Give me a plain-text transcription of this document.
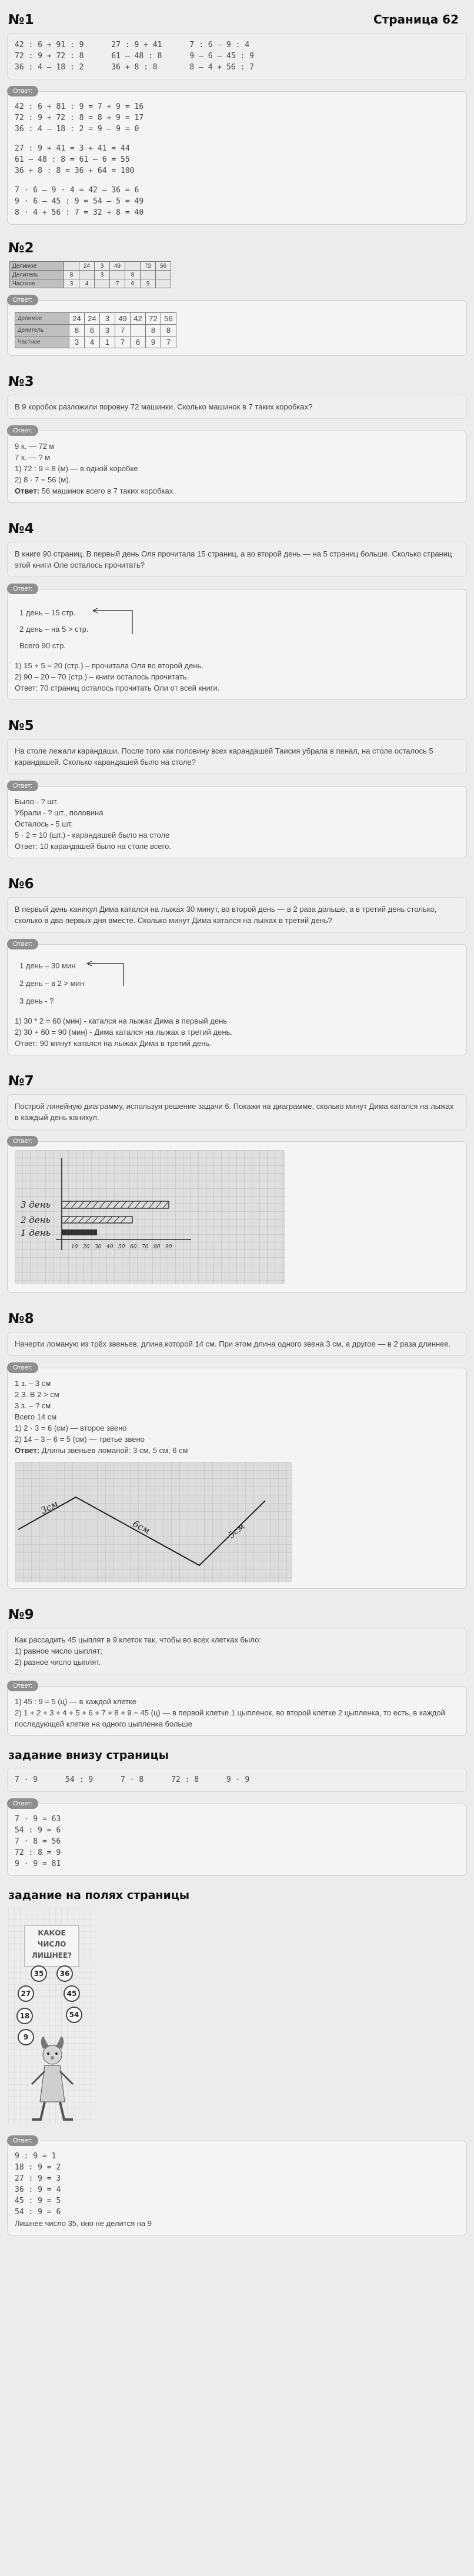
Страница 62
№1
42 : 6 + 91 : 9      27 : 9 + 41      7 : 6 – 9 : 4
72 : 9 + 72 : 8      61 – 48 : 8      9 – 6 – 45 : 9
36 : 4 – 18 : 2      36 + 8 : 8       8 – 4 + 56 : 7
Ответ:
42 : 6 + 81 : 9 = 7 + 9 = 16
72 : 9 + 72 : 8 = 8 + 9 = 17
36 : 4 – 18 : 2 = 9 – 9 = 0
27 : 9 + 41 = 3 + 41 = 44
61 – 48 : 8 = 61 – 6 = 55
36 + 8 : 8 = 36 + 64 = 100
7 · 6 – 9 · 4 = 42 – 36 = 6
9 · 6 – 45 : 9 = 54 – 5 = 49
8 · 4 + 56 : 7 = 32 + 8 = 40
№2
Делимое		24	3	49		72	56
Делитель	8		3		8		
Частное	3	4		7	6	9	
Ответ:
Делимое	24	24	3	49	42	72	56
Делитель	8	6	3	7		8	8
Частное	3	4	1	7	6	9	7
№3
В 9 коробок разложили поровну 72 машинки. Сколько машинок в 7 таких коробках?
Ответ:
9 к. — 72 м
7 к. — ? м
1) 72 : 9 = 8 (м) — в одной коробке
2) 8 · 7 = 56 (м).
Ответ: 56 машинок всего в 7 таких коробках
№4
В книге 90 страниц. В первый день Оля прочитала 15 страниц, а во второй день — на 5 страниц больше. Сколько страниц этой книги Оле осталось прочитать?
Ответ:
1 день – 15 стр.
2 день – на 5 > стр.
Всего 90 стр.
1) 15 + 5 = 20 (стр.) – прочитала Оля во второй день.
2) 90 – 20 – 70 (стр.) – книги осталось прочитать.
Ответ: 70 страниц осталось прочитать Оли от всей книги.
№5
На столе лежали карандаши. После того как половину всех карандашей Таисия убрала в пенал, на столе осталось 5 карандашей. Сколько карандашей было на столе?
Ответ:
Было - ? шт.
Убрали - ? шт., половина
Осталось - 5 шт.
5 · 2 = 10 (шт.) - карандашей было на столе
Ответ: 10 карандашей было на столе всего.
№6
В первый день каникул Дима катался на лыжах 30 минут, во второй день — в 2 раза дольше, а в третий день столько, сколько в два первых дня вместе. Сколько минут Дима катался на лыжах в третий день?
Ответ:
1 день – 30 мин
2 день – в 2 > мин
3 день - ?
1) 30 * 2 = 60 (мин) - катался на лыжах Дима в первый день
2) 30 + 60 = 90 (мин) - Дима катался на лыжах в третий день.
Ответ: 90 минут катался на лыжах Дима в третий день.
№7
Построй линейную диаграмму, используя решение задачи 6. Покажи на диаграмме, сколько минут Дима катался на лыжах в каждый день каникул.
Ответ:
3 день
2 день
1 день
10 20 30 40 50 60 70 80 90
№8
Начерти ломаную из трёх звеньев, длина которой 14 см. При этом длина одного звена 3 см, а другое — в 2 раза длиннее.
Ответ:
1 з. – 3 см
2 З. В 2 > см
3 з. – ? см
Всего 14 см
1) 2 · 3 = 6 (см) — второе звено
2) 14 – 3 – 6 = 5 (см) — третье звено
Ответ: Длины звеньев ломаной: 3 см, 5 см, 6 см
3см
6см	5см
№9
Как рассадить 45 цыплят в 9 клеток так, чтобы во всех клетках было:
1) равное число цыплят;
2) разное число цыплят.
Ответ:
1) 45 : 9 = 5 (ц) — в каждой клетке
2) 1 + 2 + 3 + 4 + 5 + 6 + 7 + 8 + 9 = 45 (ц) — в первой клетке 1 цыпленок, во второй клетке 2 цыпленка, то есть, в каждой последующей клетке на одного цыпленка больше
задание внизу страницы
7 · 9      54 : 9      7 · 8      72 : 8      9 · 9
Ответ:
7 · 9 = 63
54 : 9 = 6
7 · 8 = 56
72 : 8 = 9
9 · 9 = 81
задание на полях страницы
КАКОЕ
ЧИСЛО
ЛИШНЕЕ?
35	36
27	45
18	54
9
Ответ:
9 : 9 = 1
18 : 9 = 2
27 : 9 = 3
36 : 9 = 4
45 : 9 = 5
54 : 9 = 6
Лишнее число 35, оно не делится на 9
